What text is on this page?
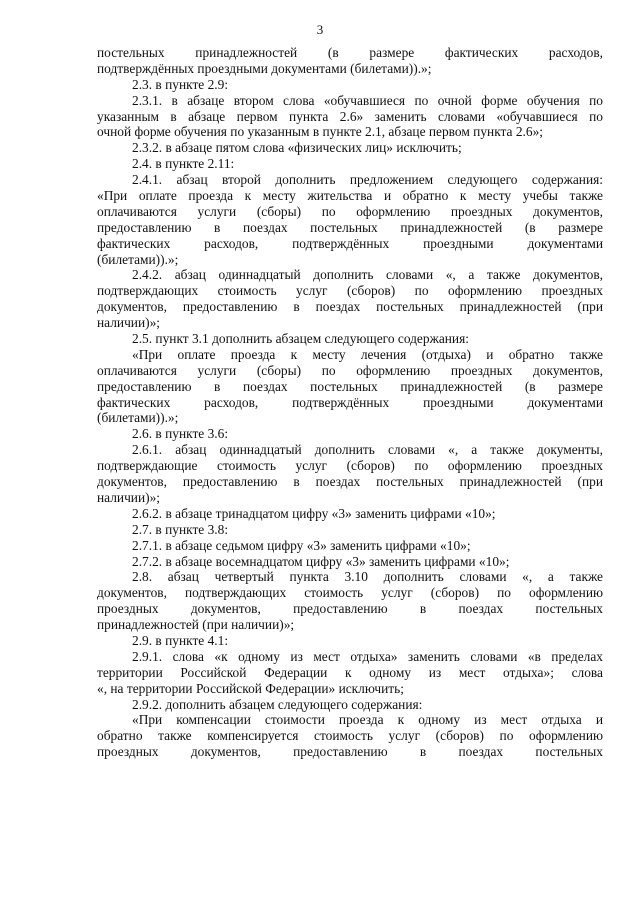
3
постельных принадлежностей (в размере фактических расходов,
подтверждённых проездными документами (билетами)).»;
2.3. в пункте 2.9:
2.3.1. в абзаце втором слова «обучавшиеся по очной форме обучения по
указанным в абзаце первом пункта 2.6» заменить словами «обучавшиеся по
очной форме обучения по указанным в пункте 2.1, абзаце первом пункта 2.6»;
2.3.2. в абзаце пятом слова «физических лиц» исключить;
2.4. в пункте 2.11:
2.4.1. абзац второй дополнить предложением следующего содержания:
«При оплате проезда к месту жительства и обратно к месту учебы также
оплачиваются услуги (сборы) по оформлению проездных документов,
предоставлению в поездах постельных принадлежностей (в размере
фактических расходов, подтверждённых проездными документами
(билетами)).»;
2.4.2. абзац одиннадцатый дополнить словами «, а также документов,
подтверждающих стоимость услуг (сборов) по оформлению проездных
документов, предоставлению в поездах постельных принадлежностей (при
наличии)»;
2.5. пункт 3.1 дополнить абзацем следующего содержания:
«При оплате проезда к месту лечения (отдыха) и обратно также
оплачиваются услуги (сборы) по оформлению проездных документов,
предоставлению в поездах постельных принадлежностей (в размере
фактических расходов, подтверждённых проездными документами
(билетами)).»;
2.6. в пункте 3.6:
2.6.1. абзац одиннадцатый дополнить словами «, а также документы,
подтверждающие стоимость услуг (сборов) по оформлению проездных
документов, предоставлению в поездах постельных принадлежностей (при
наличии)»;
2.6.2. в абзаце тринадцатом цифру «3» заменить цифрами «10»;
2.7. в пункте 3.8:
2.7.1. в абзаце седьмом цифру «3» заменить цифрами «10»;
2.7.2. в абзаце восемнадцатом цифру «3» заменить цифрами «10»;
2.8. абзац четвертый пункта 3.10 дополнить словами «, а также
документов, подтверждающих стоимость услуг (сборов) по оформлению
проездных документов, предоставлению в поездах постельных
принадлежностей (при наличии)»;
2.9. в пункте 4.1:
2.9.1. слова «к одному из мест отдыха» заменить словами «в пределах
территории Российской Федерации к одному из мест отдыха»; слова
«, на территории Российской Федерации» исключить;
2.9.2. дополнить абзацем следующего содержания:
«При компенсации стоимости проезда к одному из мест отдыха и
обратно также компенсируется стоимость услуг (сборов) по оформлению
проездных документов, предоставлению в поездах постельных
